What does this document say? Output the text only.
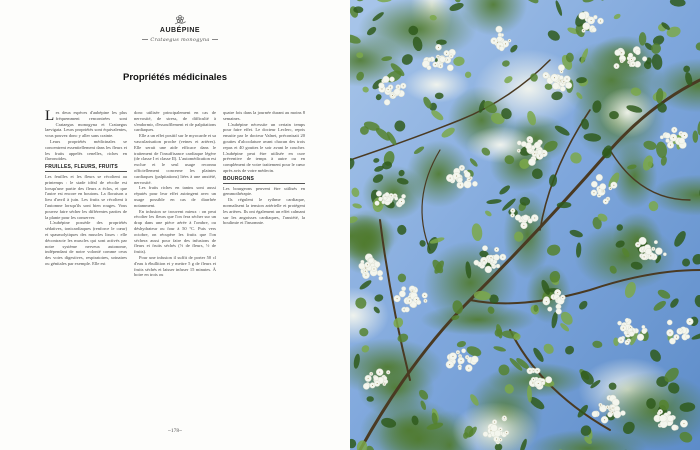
AUBÉPINE
Crataegus monogyna
Propriétés médicinales

Les deux espèces d'aubépine les plus fréquemment rencontrées sont Crataegus monogyna et Crataegus laevigata. Leurs propriétés sont équivalentes, vous pouvez donc y aller sans crainte.

Leurs propriétés médicinales se concentrent essentiellement dans les fleurs et les fruits appelés cenelles, riches en flavonoïdes.

FRUILLES, FLEURS, FRUITS

Les feuilles et les fleurs se récoltent au printemps : le stade idéal de récolte est lorsqu'une partie des fleurs a éclos, et que l'autre est encore en boutons. La floraison a lieu d'avril à juin. Les fruits se récoltent à l'automne lorsqu'ils sont bien rouges. Vous pouvez faire sécher les différentes parties de la plante pour les conserver.

L'aubépine possède des propriétés sédatives, tonicardiaques (renforce le cœur) et spasmolytiques des muscles lisses : elle décontracte les muscles qui sont activés par notre système nerveux autonome, indépendant de notre volonté comme ceux des voies digestives, respiratoires, urinaires ou génitales par exemple. Elle est

donc utilisée principalement en cas de nervosité, de stress, de difficulté à s'endormir, d'essoufflement et de palpitations cardiaques.

Elle a un effet positif sur le myocarde et sa vascularisation proche (veines et artères). Elle serait une aide efficace dans le traitement de l'insuffisance cardiaque légère (de classe I et classe II). L'automédication est exclue et le seul usage reconnu officiellement concerne les plaintes cardiaques (palpitations) liées à une anxiété, nervosité.

Les fruits riches en tanins sont aussi réputés pour leur effet astringent avec un usage possible en cas de diarrhée notamment.

En infusion se trouvent mieux : on peut récolter les fleurs que l'on fera sécher sur un drap dans une pièce aérée à l'ombre, ou déshydrateur ou four à 50 °C. Puis vers octobre, on récupère les fruits que l'on séchera aussi pour faire des infusions de fleurs et fruits séchés (½ de fleurs, ½ de fruits).

Pour une infusion il suffit de porter 50 cl d'eau à ébullition et y mettre 5 g de fleurs et fruits séchés et laisser infuser 15 minutes. À boire en trois ou

quatre fois dans la journée durant au moins 8 semaines.

L'aubépine nécessite un certain temps pour faire effet. Le docteur Leclerc, repris ensuite par le docteur Valnet, préconisait 20 gouttes d'alcoolature avant chacun des trois repas et 40 gouttes le soir avant le coucher. L'aubépine peut être utilisée en cure préventive de temps à autre ou en complément de votre traitement pour le cœur après avis de votre médecin.

BOURGONS

Les bourgeons peuvent être utilisés en gemmothérapie.

Ils régulent le rythme cardiaque, normalisent la tension artérielle et protègent les artères. Ils ont également un effet calmant sur les angoisses cardiaques, l'anxiété, la boulimie et l'insomnie.

~178~
